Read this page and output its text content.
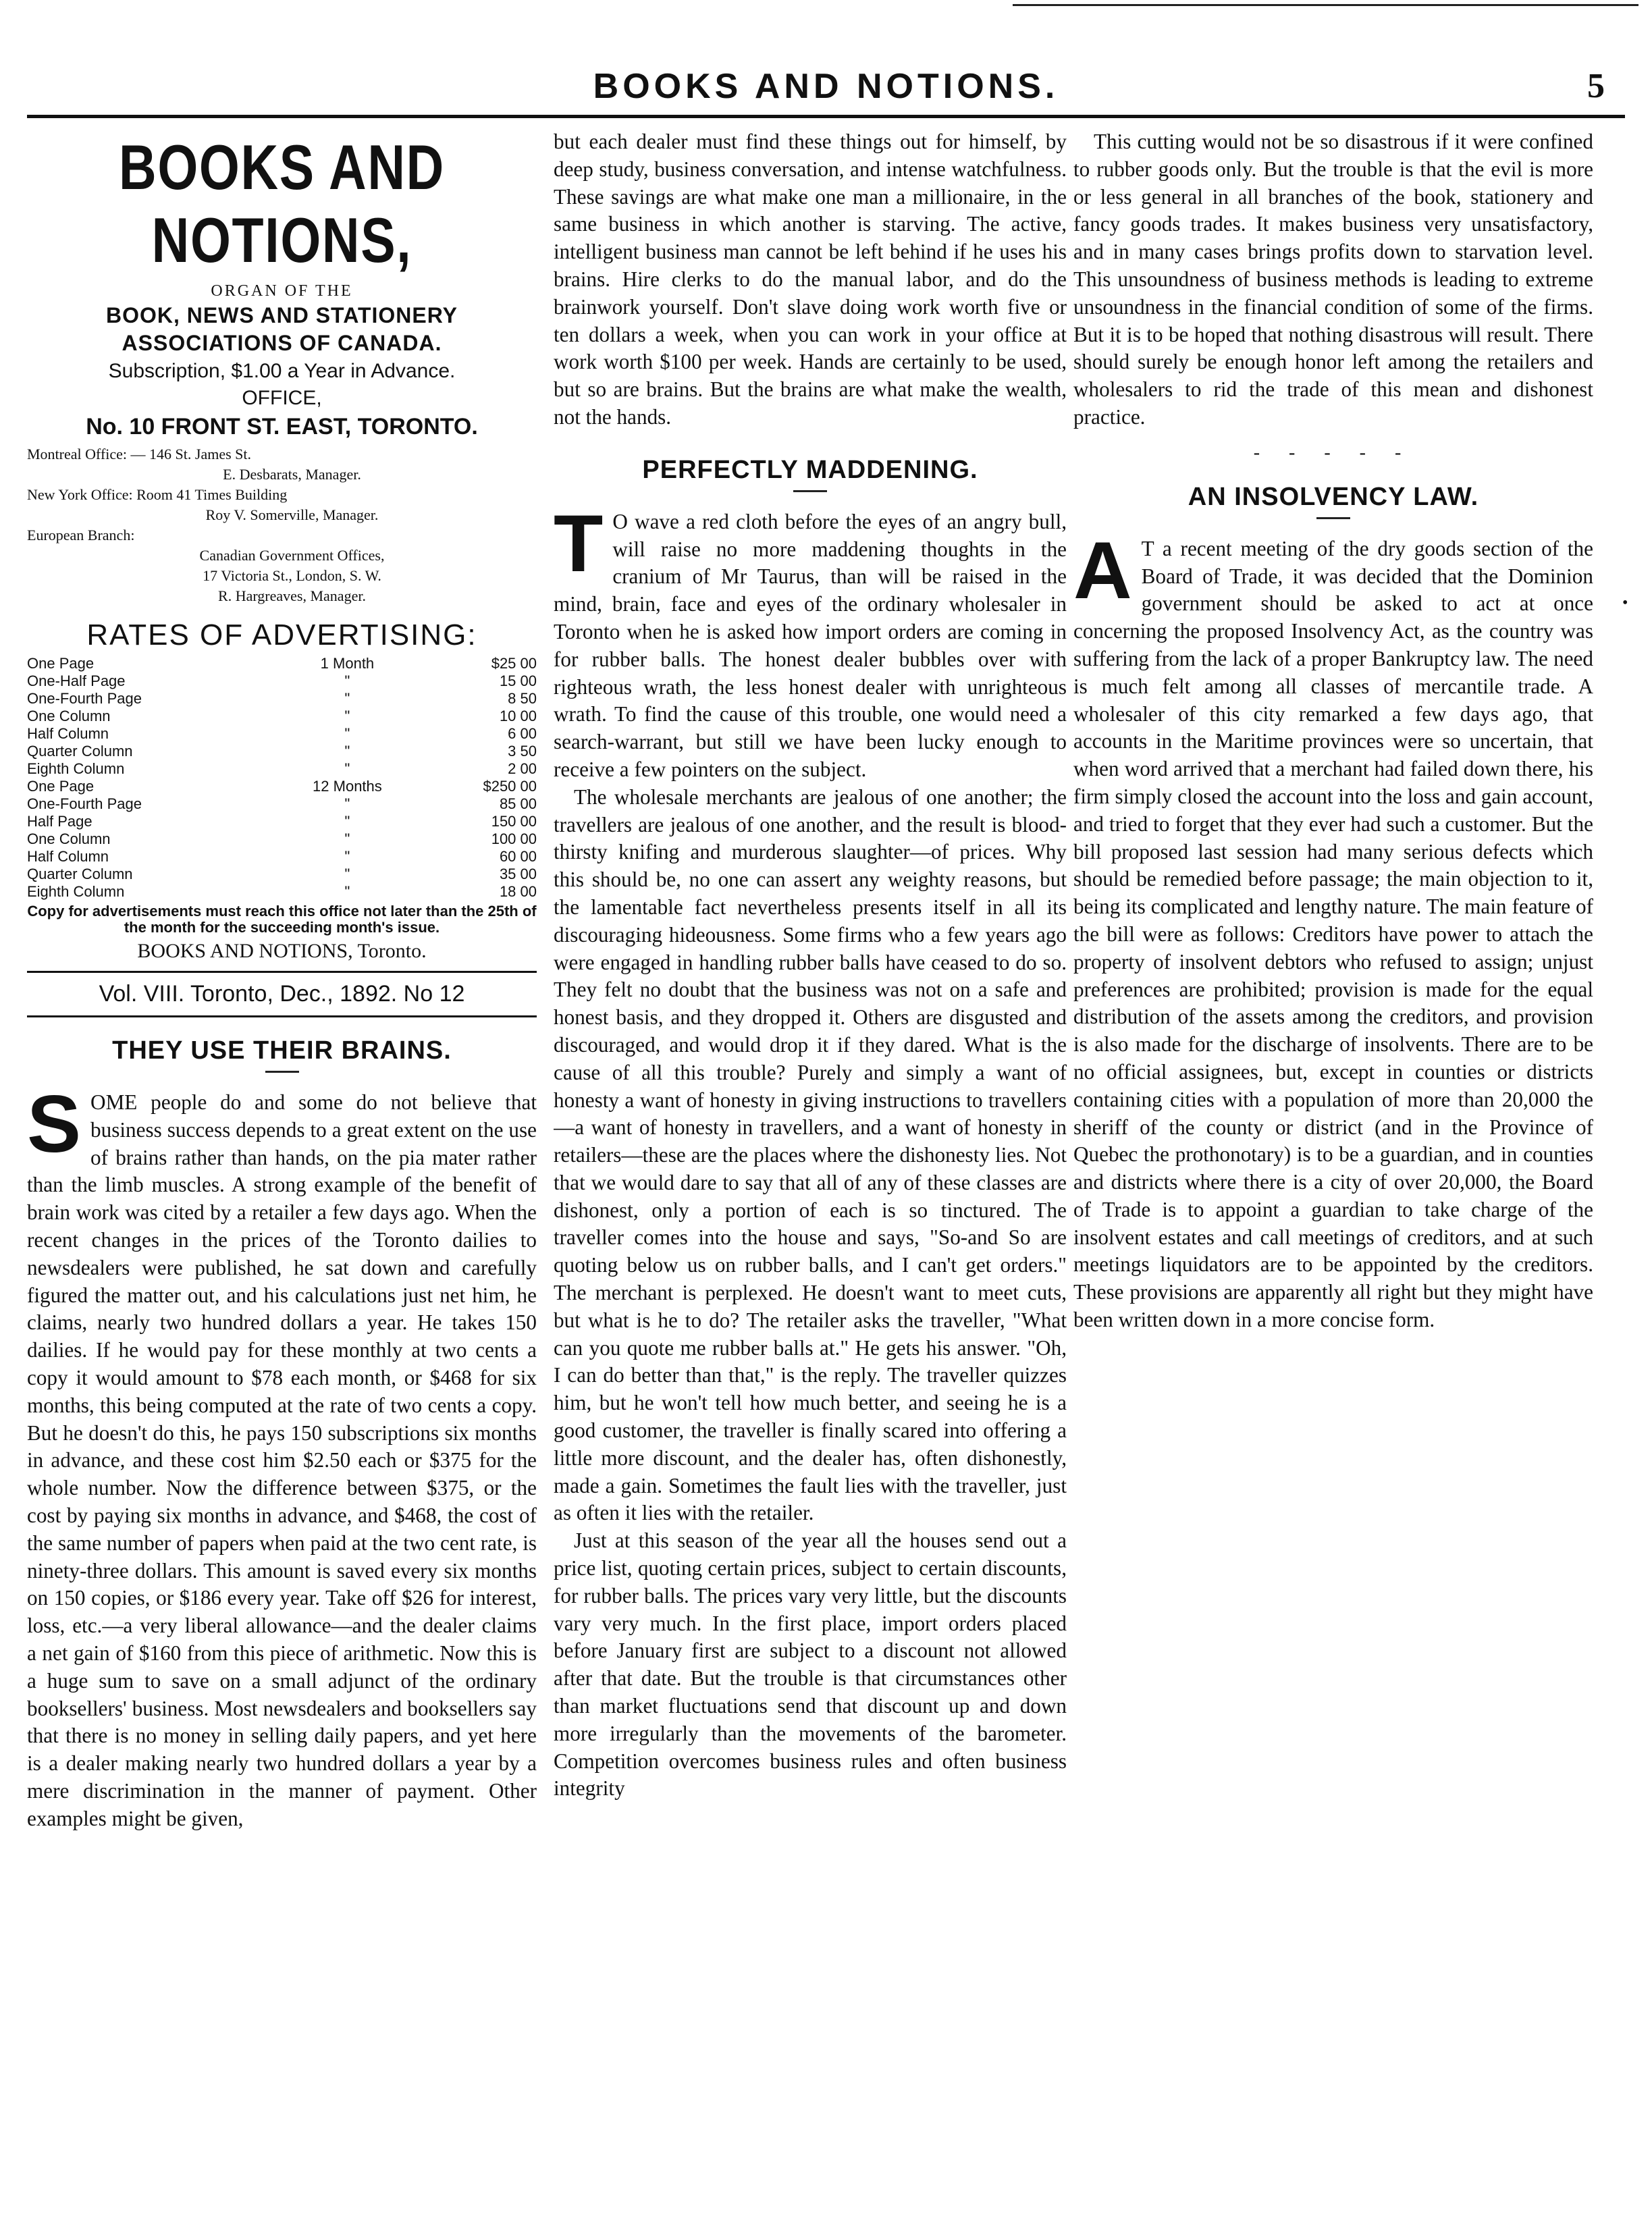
BOOKS AND NOTIONS.	5
•
BOOKS AND NOTIONS,
ORGAN OF THE
BOOK, NEWS AND STATIONERY
ASSOCIATIONS OF CANADA.
Subscription, $1.00 a Year in Advance.
OFFICE,
No. 10 FRONT ST. EAST, TORONTO.

Montreal Office: — 146 St. James St.

E. Desbarats, Manager.

New York Office: Room 41 Times Building

Roy V. Somerville, Manager.

European Branch:

Canadian Government Offices,

17 Victoria St., London, S. W.

R. Hargreaves, Manager.

RATES OF ADVERTISING:
One Page	1 Month	$25 00
One-Half Page	"	15 00
One-Fourth Page	"	8 50
One Column	"	10 00
Half Column	"	6 00
Quarter Column	"	3 50
Eighth Column	"	2 00
One Page	12 Months	$250 00
One-Fourth Page	"	85 00
Half Page	"	150 00
One Column	"	100 00
Half Column	"	60 00
Quarter Column	"	35 00
Eighth Column	"	18 00
Copy for advertisements must reach this office not later than the 25th of the month for the succeeding month's issue.
BOOKS AND NOTIONS, Toronto.
Vol. VIII. Toronto, Dec., 1892. No 12
THEY USE THEIR BRAINS.

SOME people do and some do not believe that business success depends to a great extent on the use of brains rather than hands, on the pia mater rather than the limb muscles. A strong example of the benefit of brain work was cited by a retailer a few days ago. When the recent changes in the prices of the Toronto dailies to newsdealers were published, he sat down and carefully figured the matter out, and his calculations just net him, he claims, nearly two hundred dollars a year. He takes 150 dailies. If he would pay for these monthly at two cents a copy it would amount to $78 each month, or $468 for six months, this being computed at the rate of two cents a copy. But he doesn't do this, he pays 150 subscriptions six months in advance, and these cost him $2.50 each or $375 for the whole number. Now the difference between $375, or the cost by paying six months in advance, and $468, the cost of the same number of papers when paid at the two cent rate, is ninety-three dollars. This amount is saved every six months on 150 copies, or $186 every year. Take off $26 for interest, loss, etc.—a very liberal allowance—and the dealer claims a net gain of $160 from this piece of arithmetic. Now this is a huge sum to save on a small adjunct of the ordinary booksellers' business. Most newsdealers and booksellers say that there is no money in selling daily papers, and yet here is a dealer making nearly two hundred dollars a year by a mere discrimination in the manner of payment. Other examples might be given,

but each dealer must find these things out for himself, by deep study, business conversation, and intense watchfulness. These savings are what make one man a millionaire, in the same business in which another is starving. The active, intelligent business man cannot be left behind if he uses his brains. Hire clerks to do the manual labor, and do the brainwork yourself. Don't slave doing work worth five or ten dollars a week, when you can work in your office at work worth $100 per week. Hands are certainly to be used, but so are brains. But the brains are what make the wealth, not the hands.

PERFECTLY MADDENING.

T O wave a red cloth before the eyes of an angry bull, will raise no more maddening thoughts in the cranium of Mr Taurus, than will be raised in the mind, brain, face and eyes of the ordinary wholesaler in Toronto when he is asked how import orders are coming in for rubber balls. The honest dealer bubbles over with righteous wrath, the less honest dealer with unrighteous wrath. To find the cause of this trouble, one would need a search-warrant, but still we have been lucky enough to receive a few pointers on the subject.

The wholesale merchants are jealous of one another; the travellers are jealous of one another, and the result is blood-thirsty knifing and murderous slaughter—of prices. Why this should be, no one can assert any weighty reasons, but the lamentable fact nevertheless presents itself in all its discouraging hideousness. Some firms who a few years ago were engaged in handling rubber balls have ceased to do so. They felt no doubt that the business was not on a safe and honest basis, and they dropped it. Others are disgusted and discouraged, and would drop it if they dared. What is the cause of all this trouble? Purely and simply a want of honesty a want of honesty in giving instructions to travellers—a want of honesty in travellers, and a want of honesty in retailers—these are the places where the dishonesty lies. Not that we would dare to say that all of any of these classes are dishonest, only a portion of each is so tinctured. The traveller comes into the house and says, "So-and So are quoting below us on rubber balls, and I can't get orders." The merchant is perplexed. He doesn't want to meet cuts, but what is he to do? The retailer asks the traveller, "What can you quote me rubber balls at." He gets his answer. "Oh, I can do better than that," is the reply. The traveller quizzes him, but he won't tell how much better, and seeing he is a good customer, the traveller is finally scared into offering a little more discount, and the dealer has, often dishonestly, made a gain. Sometimes the fault lies with the traveller, just as often it lies with the retailer.

Just at this season of the year all the houses send out a price list, quoting certain prices, subject to certain discounts, for rubber balls. The prices vary very little, but the discounts vary very much. In the first place, import orders placed before January first are subject to a discount not allowed after that date. But the trouble is that circumstances other than market fluctuations send that discount up and down more irregularly than the movements of the barometer. Competition overcomes business rules and often business integrity

This cutting would not be so disastrous if it were confined to rubber goods only. But the trouble is that the evil is more or less general in all branches of the book, stationery and fancy goods trades. It makes business very unsatisfactory, and in many cases brings profits down to starvation level. This unsoundness of business methods is leading to extreme unsoundness in the financial condition of some of the firms. But it is to be hoped that nothing disastrous will result. There should surely be enough honor left among the retailers and wholesalers to rid the trade of this mean and dishonest practice.

- - - - -
AN INSOLVENCY LAW.

A T a recent meeting of the dry goods section of the Board of Trade, it was decided that the Dominion government should be asked to act at once concerning the proposed Insolvency Act, as the country was suffering from the lack of a proper Bankruptcy law. The need is much felt among all classes of mercantile trade. A wholesaler of this city remarked a few days ago, that accounts in the Maritime provinces were so uncertain, that when word arrived that a merchant had failed down there, his firm simply closed the account into the loss and gain account, and tried to forget that they ever had such a customer. But the bill proposed last session had many serious defects which should be remedied before passage; the main objection to it, being its complicated and lengthy nature. The main feature of the bill were as follows: Creditors have power to attach the property of insolvent debtors who refused to assign; unjust preferences are prohibited; provision is made for the equal distribution of the assets among the creditors, and provision is also made for the discharge of insolvents. There are to be no official assignees, but, except in counties or districts containing cities with a population of more than 20,000 the sheriff of the county or district (and in the Province of Quebec the prothonotary) is to be a guardian, and in counties and districts where there is a city of over 20,000, the Board of Trade is to appoint a guardian to take charge of the insolvent estates and call meetings of creditors, and at such meetings liquidators are to be appointed by the creditors. These provisions are apparently all right but they might have been written down in a more concise form.
